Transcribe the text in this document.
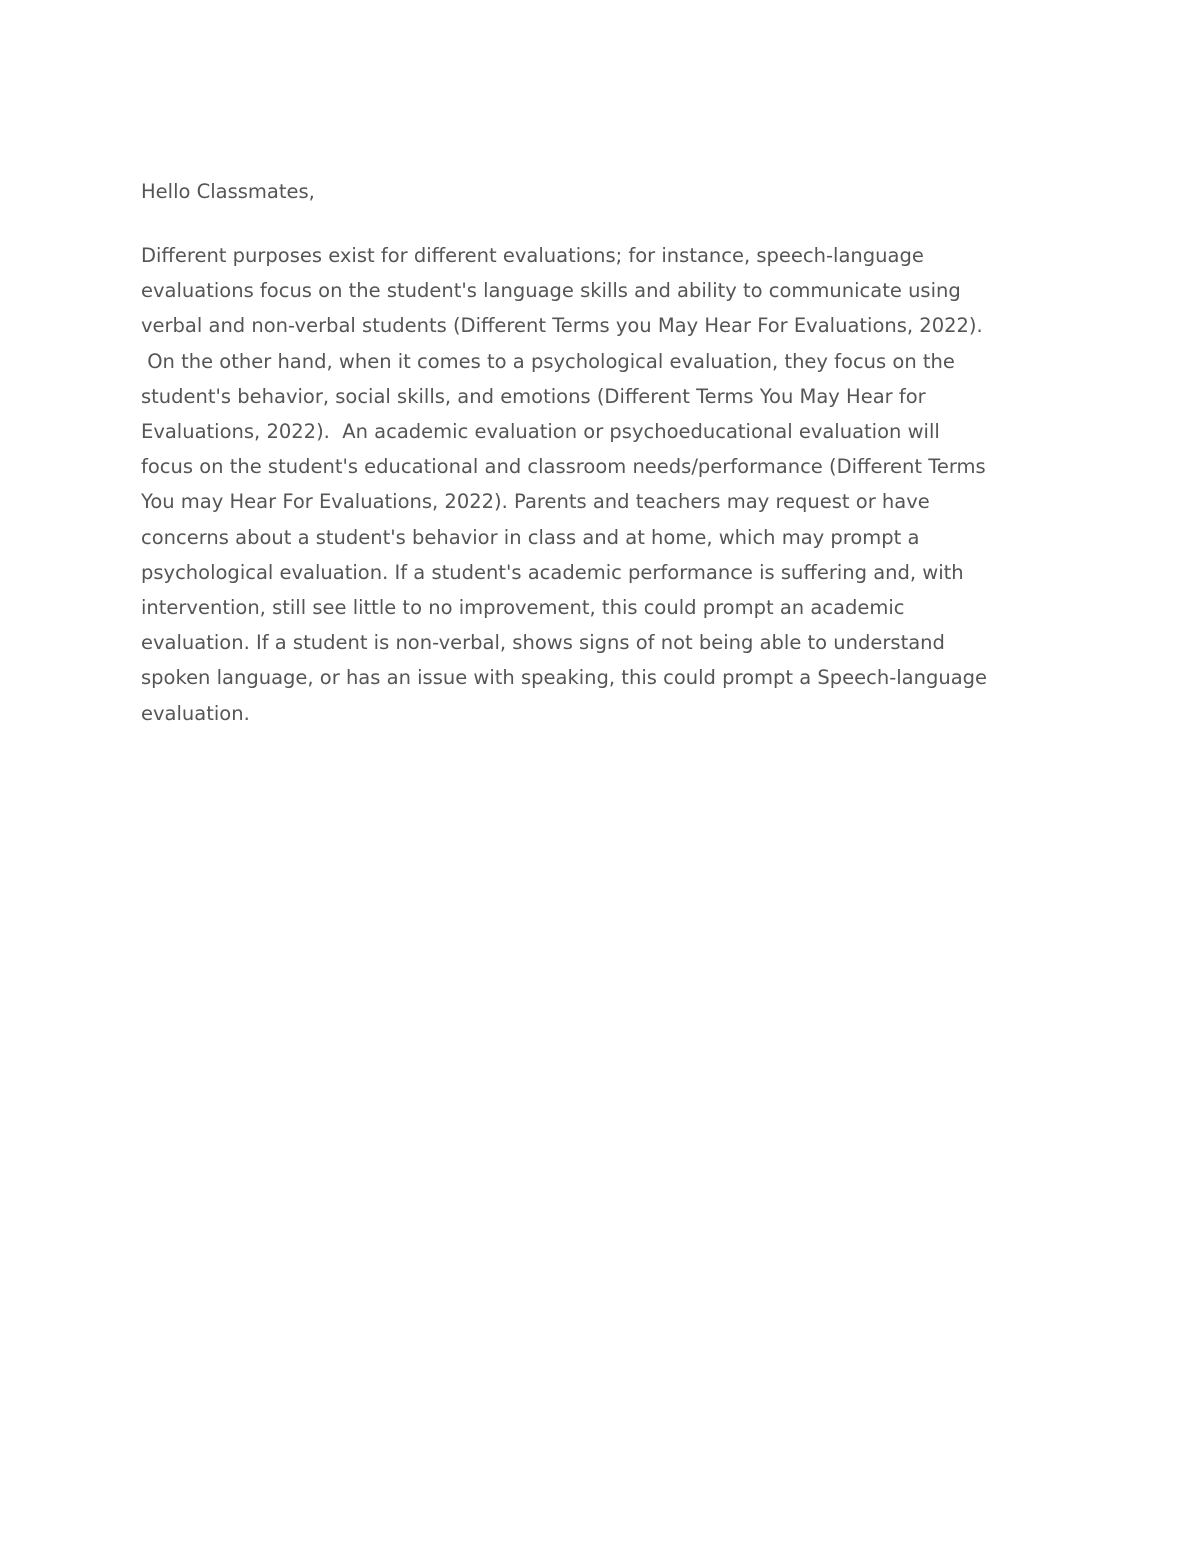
Hello Classmates,

Different purposes exist for different evaluations; for instance, speech-language
evaluations focus on the student's language skills and ability to communicate using
verbal and non-verbal students (Different Terms you May Hear For Evaluations, 2022).
On the other hand, when it comes to a psychological evaluation, they focus on the
student's behavior, social skills, and emotions (Different Terms You May Hear for
Evaluations, 2022).  An academic evaluation or psychoeducational evaluation will
focus on the student's educational and classroom needs/performance (Different Terms
You may Hear For Evaluations, 2022). Parents and teachers may request or have
concerns about a student's behavior in class and at home, which may prompt a
psychological evaluation. If a student's academic performance is suffering and, with
intervention, still see little to no improvement, this could prompt an academic
evaluation. If a student is non-verbal, shows signs of not being able to understand
spoken language, or has an issue with speaking, this could prompt a Speech-language
evaluation.
